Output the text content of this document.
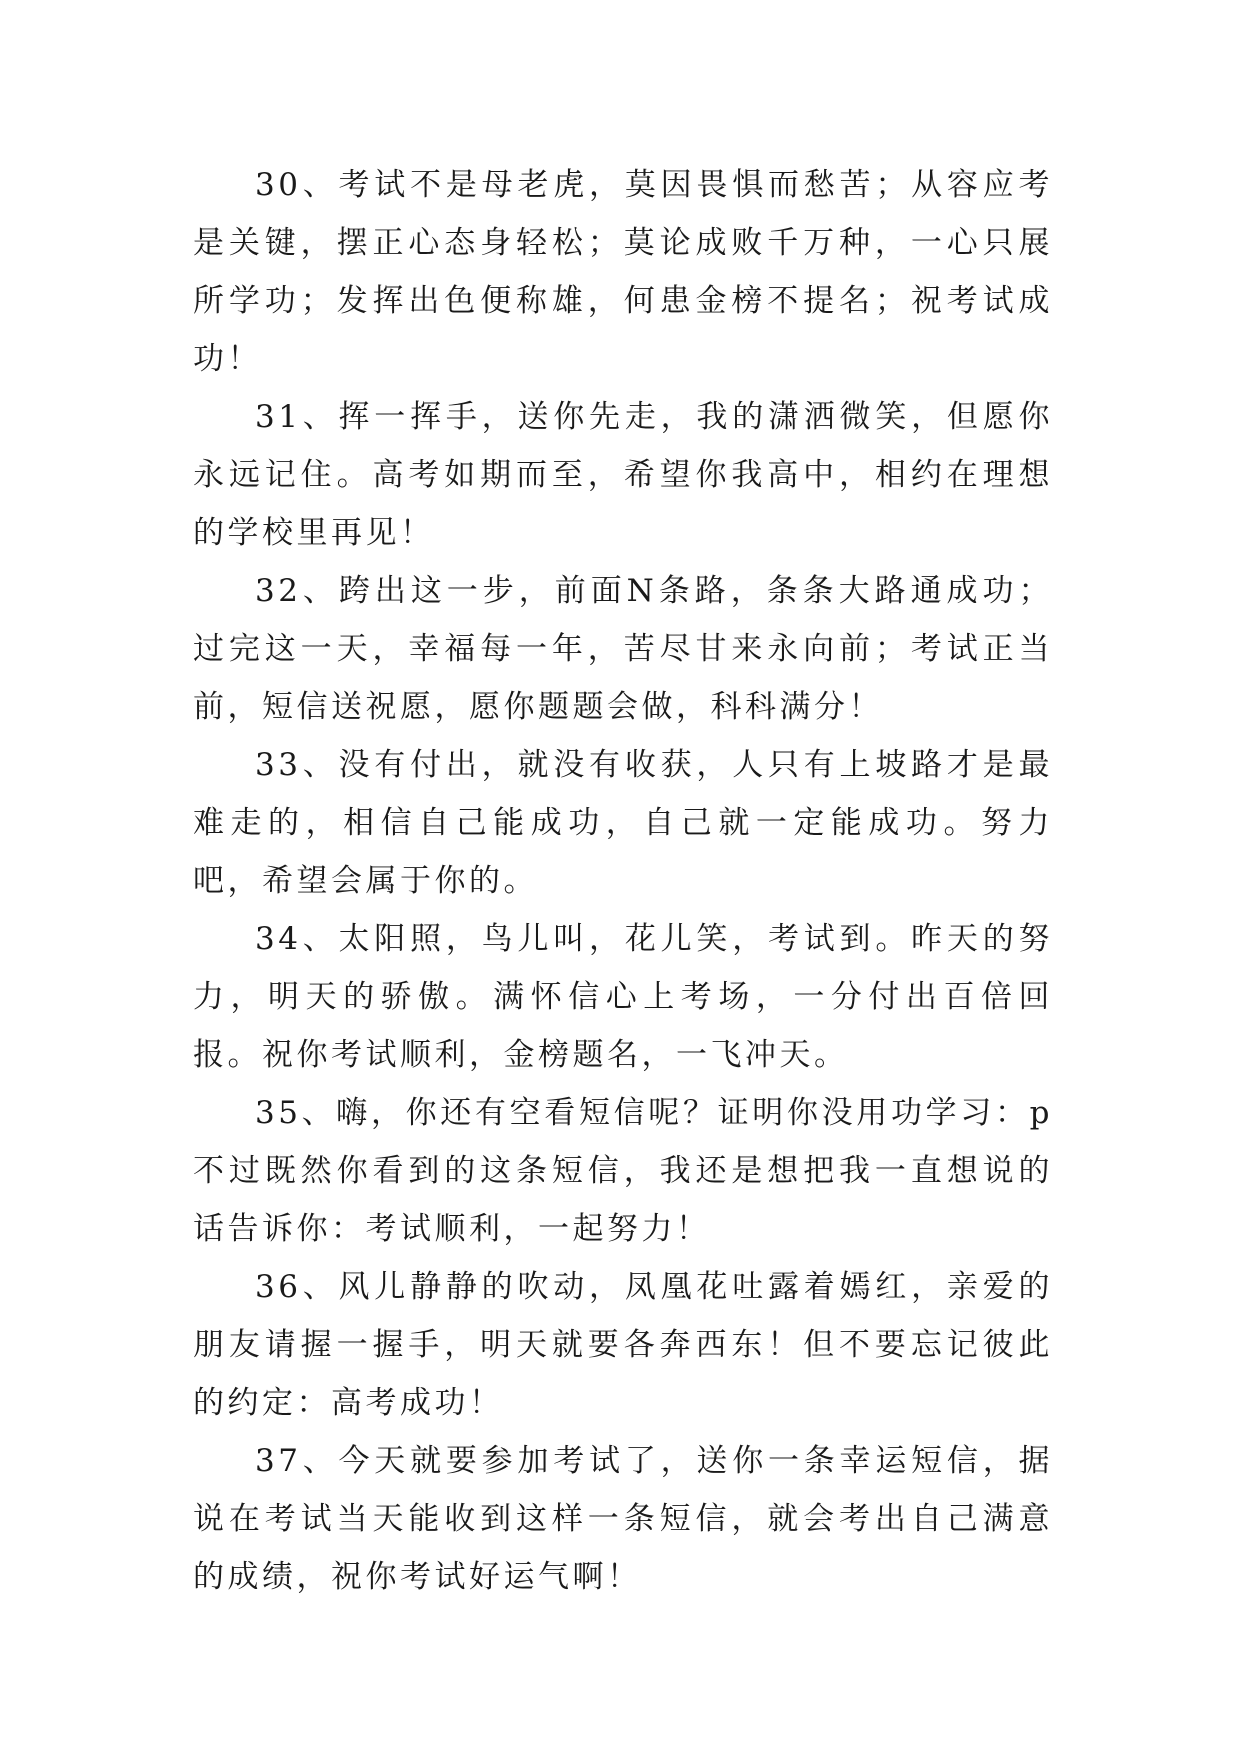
30、考试不是母老虎，莫因畏惧而愁苦；从容应考是关键，摆正心态身轻松；莫论成败千万种，一心只展所学功；发挥出色便称雄，何患金榜不提名；祝考试成功！

31、挥一挥手，送你先走，我的潇洒微笑，但愿你永远记住。高考如期而至，希望你我高中，相约在理想的学校里再见！

32、跨出这一步，前面N条路，条条大路通成功；过完这一天，幸福每一年，苦尽甘来永向前；考试正当前，短信送祝愿，愿你题题会做，科科满分！

33、没有付出，就没有收获，人只有上坡路才是最难走的，相信自己能成功，自己就一定能成功。努力吧，希望会属于你的。

34、太阳照，鸟儿叫，花儿笑，考试到。昨天的努力，明天的骄傲。满怀信心上考场，一分付出百倍回报。祝你考试顺利，金榜题名，一飞冲天。

35、嗨，你还有空看短信呢？证明你没用功学习：p不过既然你看到的这条短信，我还是想把我一直想说的话告诉你：考试顺利，一起努力！

36、风儿静静的吹动，凤凰花吐露着嫣红，亲爱的朋友请握一握手，明天就要各奔西东！但不要忘记彼此的约定：高考成功！

37、今天就要参加考试了，送你一条幸运短信，据说在考试当天能收到这样一条短信，就会考出自己满意的成绩，祝你考试好运气啊！
